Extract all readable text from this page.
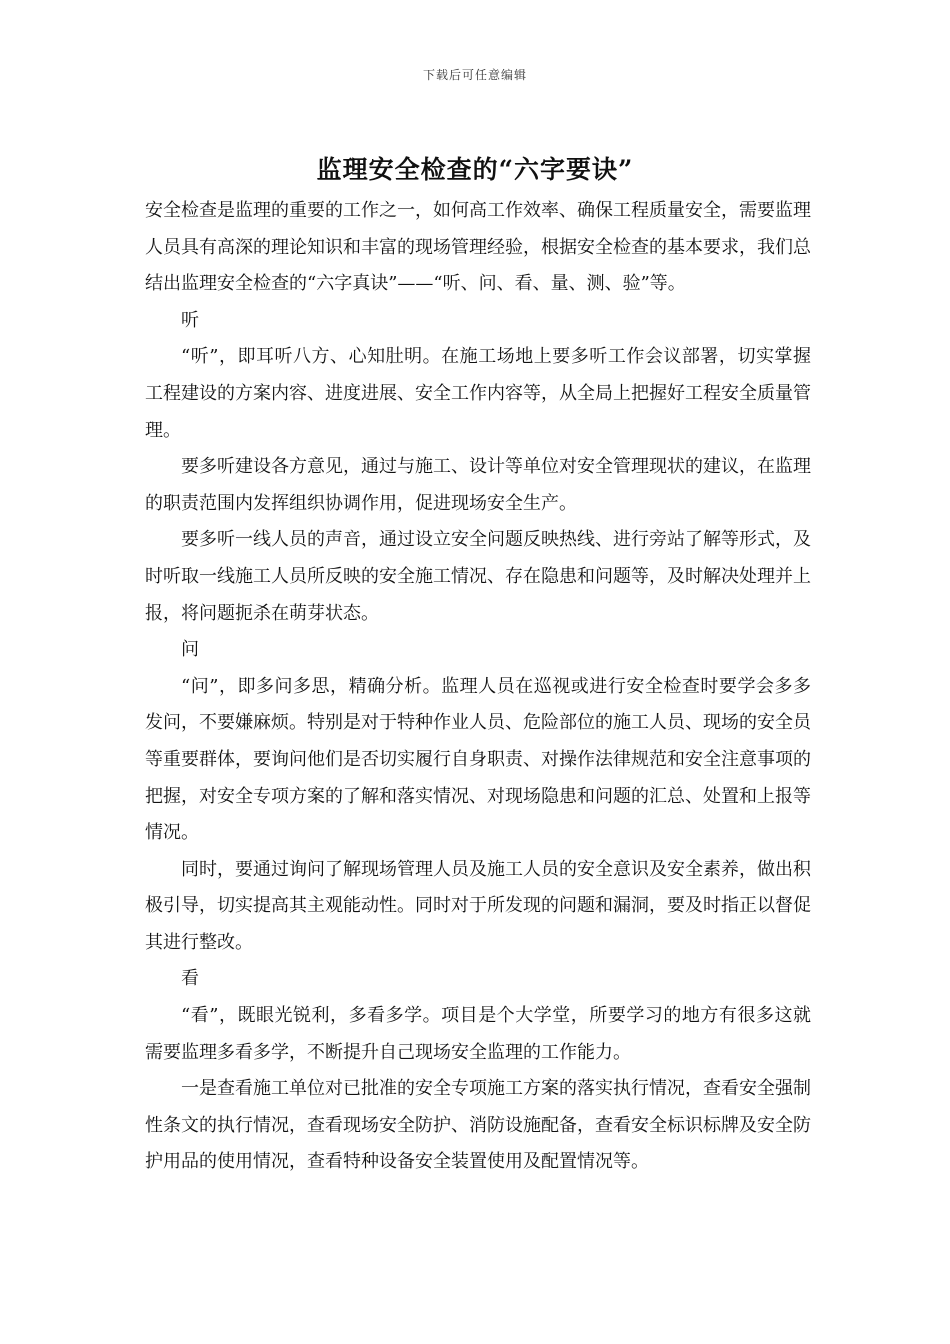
下载后可任意编辑
监理安全检查的“六字要诀”

安全检查是监理的重要的工作之一，如何高工作效率、确保工程质量安全，需要监理人员具有高深的理论知识和丰富的现场管理经验，根据安全检查的基本要求，我们总结出监理安全检查的“六字真诀”——“听、问、看、量、测、验”等。

听

“听”，即耳听八方、心知肚明。在施工场地上要多听工作会议部署，切实掌握工程建设的方案内容、进度进展、安全工作内容等，从全局上把握好工程安全质量管理。

要多听建设各方意见，通过与施工、设计等单位对安全管理现状的建议，在监理的职责范围内发挥组织协调作用，促进现场安全生产。

要多听一线人员的声音，通过设立安全问题反映热线、进行旁站了解等形式，及时听取一线施工人员所反映的安全施工情况、存在隐患和问题等，及时解决处理并上报，将问题扼杀在萌芽状态。

问

“问”，即多问多思，精确分析。监理人员在巡视或进行安全检查时要学会多多发问，不要嫌麻烦。特别是对于特种作业人员、危险部位的施工人员、现场的安全员等重要群体，要询问他们是否切实履行自身职责、对操作法律规范和安全注意事项的把握，对安全专项方案的了解和落实情况、对现场隐患和问题的汇总、处置和上报等情况。

同时，要通过询问了解现场管理人员及施工人员的安全意识及安全素养，做出积极引导，切实提高其主观能动性。同时对于所发现的问题和漏洞，要及时指正以督促其进行整改。

看

“看”，既眼光锐利，多看多学。项目是个大学堂，所要学习的地方有很多这就需要监理多看多学，不断提升自己现场安全监理的工作能力。

一是查看施工单位对已批准的安全专项施工方案的落实执行情况，查看安全强制性条文的执行情况，查看现场安全防护、消防设施配备，查看安全标识标牌及安全防护用品的使用情况，查看特种设备安全装置使用及配置情况等。
